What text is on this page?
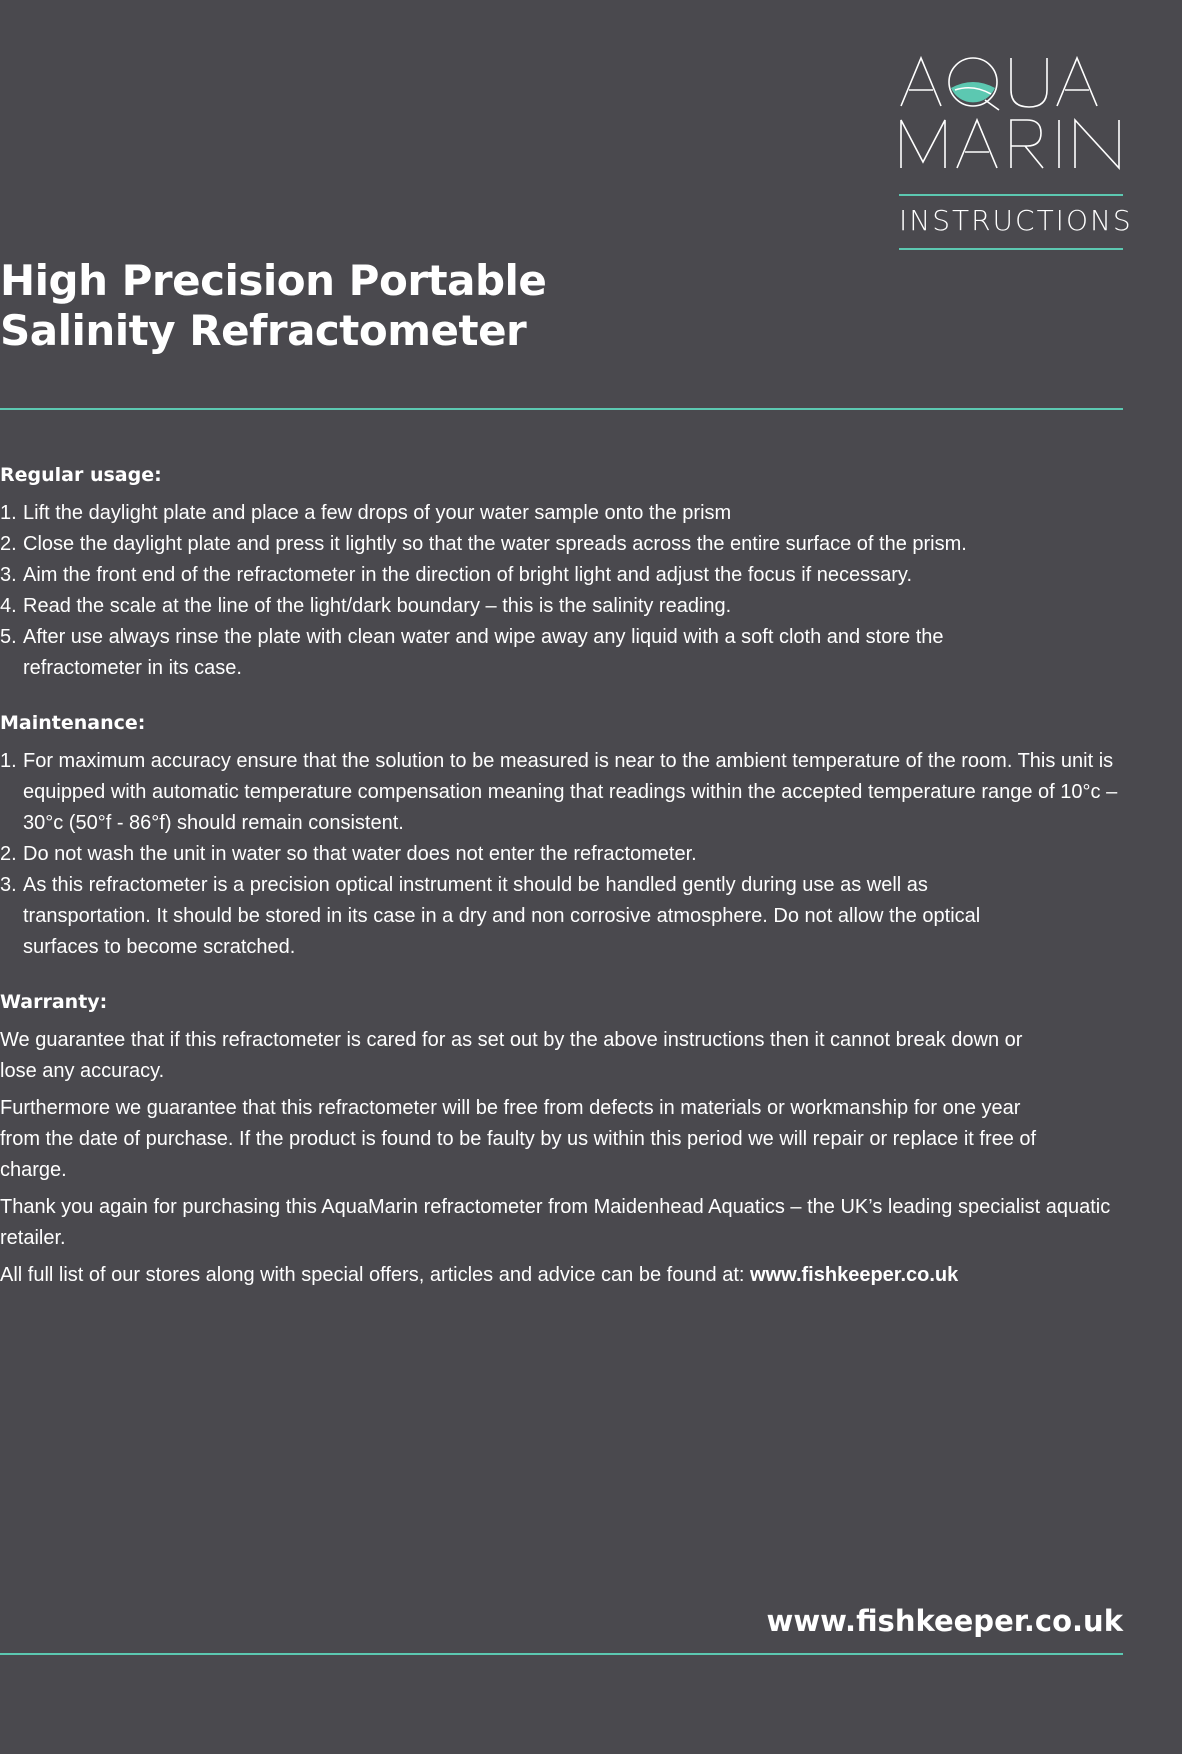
INSTRUCTIONS
High Precision Portable
Salinity Refractometer
Regular usage:
1. Lift the daylight plate and place a few drops of your water sample onto the prism
2. Close the daylight plate and press it lightly so that the water spreads across the entire surface of the prism.
3. Aim the front end of the refractometer in the direction of bright light and adjust the focus if necessary.
4. Read the scale at the line of the light/dark boundary – this is the salinity reading.
5. After use always rinse the plate with clean water and wipe away any liquid with a soft cloth and store the refractometer in its case.
Maintenance:
1. For maximum accuracy ensure that the solution to be measured is near to the ambient temperature of the room. This unit is equipped with automatic temperature compensation meaning that readings within the accepted temperature range of 10°c – 30°c (50°f - 86°f) should remain consistent.
2. Do not wash the unit in water so that water does not enter the refractometer.
3. As this refractometer is a precision optical instrument it should be handled gently during use as well as transportation. It should be stored in its case in a dry and non corrosive atmosphere. Do not allow the optical surfaces to become scratched.
Warranty:

We guarantee that if this refractometer is cared for as set out by the above instructions then it cannot break down or lose any accuracy.

Furthermore we guarantee that this refractometer will be free from defects in materials or workmanship for one year from the date of purchase. If the product is found to be faulty by us within this period we will repair or replace it free of charge.

Thank you again for purchasing this AquaMarin refractometer from Maidenhead Aquatics – the UK’s leading specialist aquatic retailer.

All full list of our stores along with special offers, articles and advice can be found at: www.fishkeeper.co.uk

www.fishkeeper.co.uk
